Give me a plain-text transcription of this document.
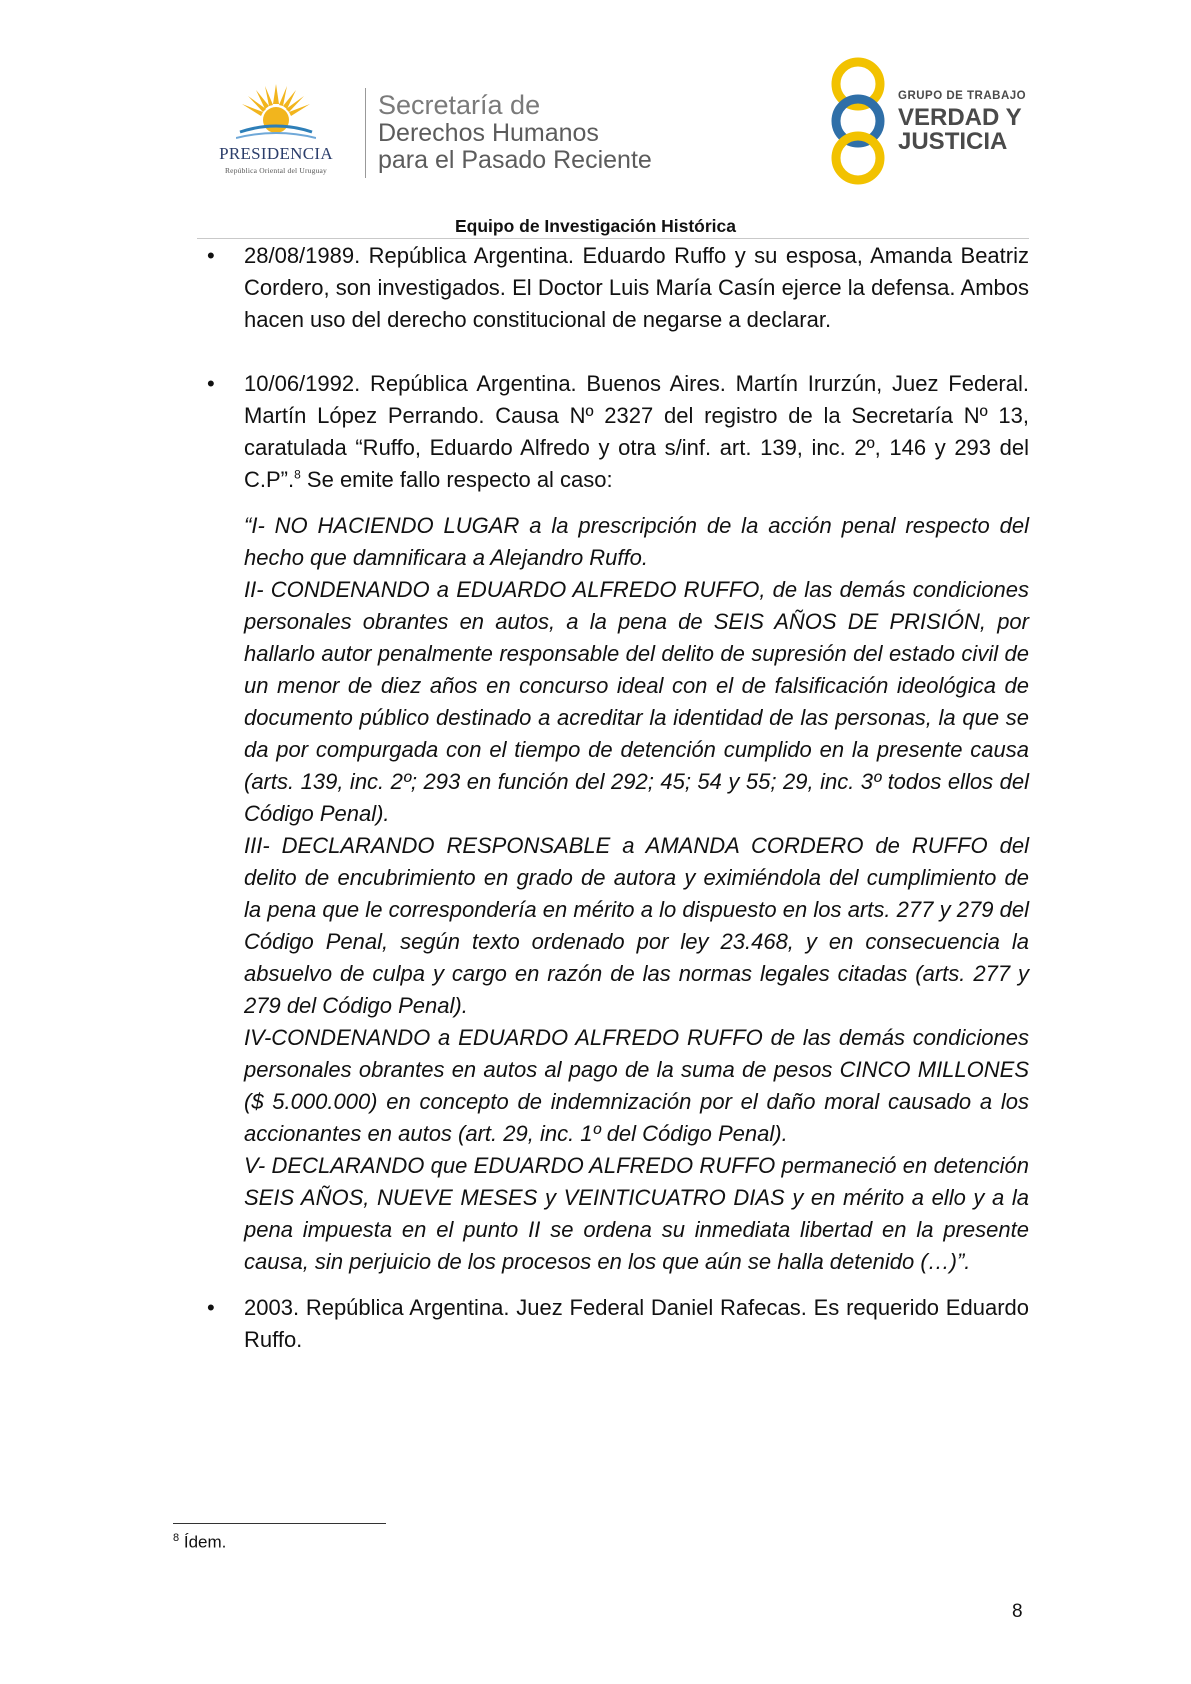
PRESIDENCIA
República Oriental del Uruguay
Secretaría de
Derechos Humanos
para el Pasado Reciente
GRUPO DE TRABAJO
VERDAD Y
JUSTICIA
Equipo de Investigación Histórica
• 28/08/1989. República Argentina. Eduardo Ruffo y su esposa, Amanda Beatriz Cordero, son investigados. El Doctor Luis María Casín ejerce la defensa. Ambos hacen uso del derecho constitucional de negarse a declarar.
• 10/06/1992. República Argentina. Buenos Aires. Martín Irurzún, Juez Federal. Martín López Perrando. Causa Nº 2327 del registro de la Secretaría Nº 13, caratulada “Ruffo, Eduardo Alfredo y otra s/inf. art. 139, inc. 2º, 146 y 293 del C.P”.$^8$ Se emite fallo respecto al caso:

“I- NO HACIENDO LUGAR a la prescripción de la acción penal respecto del hecho que damnificara a Alejandro Ruffo.

II- CONDENANDO a EDUARDO ALFREDO RUFFO, de las demás condiciones personales obrantes en autos, a la pena de SEIS AÑOS DE PRISIÓN, por hallarlo autor penalmente responsable del delito de supresión del estado civil de un menor de diez años en concurso ideal con el de falsificación ideológica de documento público destinado a acreditar la identidad de las personas, la que se da por compurgada con el tiempo de detención cumplido en la presente causa (arts. 139, inc. 2º; 293 en función del 292; 45; 54 y 55; 29, inc. 3º todos ellos del Código Penal).

III- DECLARANDO RESPONSABLE a AMANDA CORDERO de RUFFO del delito de encubrimiento en grado de autora y eximiéndola del cumplimiento de la pena que le correspondería en mérito a lo dispuesto en los arts. 277 y 279 del Código Penal, según texto ordenado por ley 23.468, y en consecuencia la absuelvo de culpa y cargo en razón de las normas legales citadas (arts. 277 y 279 del Código Penal).

IV-CONDENANDO a EDUARDO ALFREDO RUFFO de las demás condiciones personales obrantes en autos al pago de la suma de pesos CINCO MILLONES ($ 5.000.000) en concepto de indemnización por el daño moral causado a los accionantes en autos (art. 29, inc. 1º del Código Penal).

V- DECLARANDO que EDUARDO ALFREDO RUFFO permaneció en detención SEIS AÑOS, NUEVE MESES y VEINTICUATRO DIAS y en mérito a ello y a la pena impuesta en el punto II se ordena su inmediata libertad en la presente causa, sin perjuicio de los procesos en los que aún se halla detenido (…)”.

• 2003. República Argentina. Juez Federal Daniel Rafecas. Es requerido Eduardo Ruffo.
$^8$ Ídem.
8
